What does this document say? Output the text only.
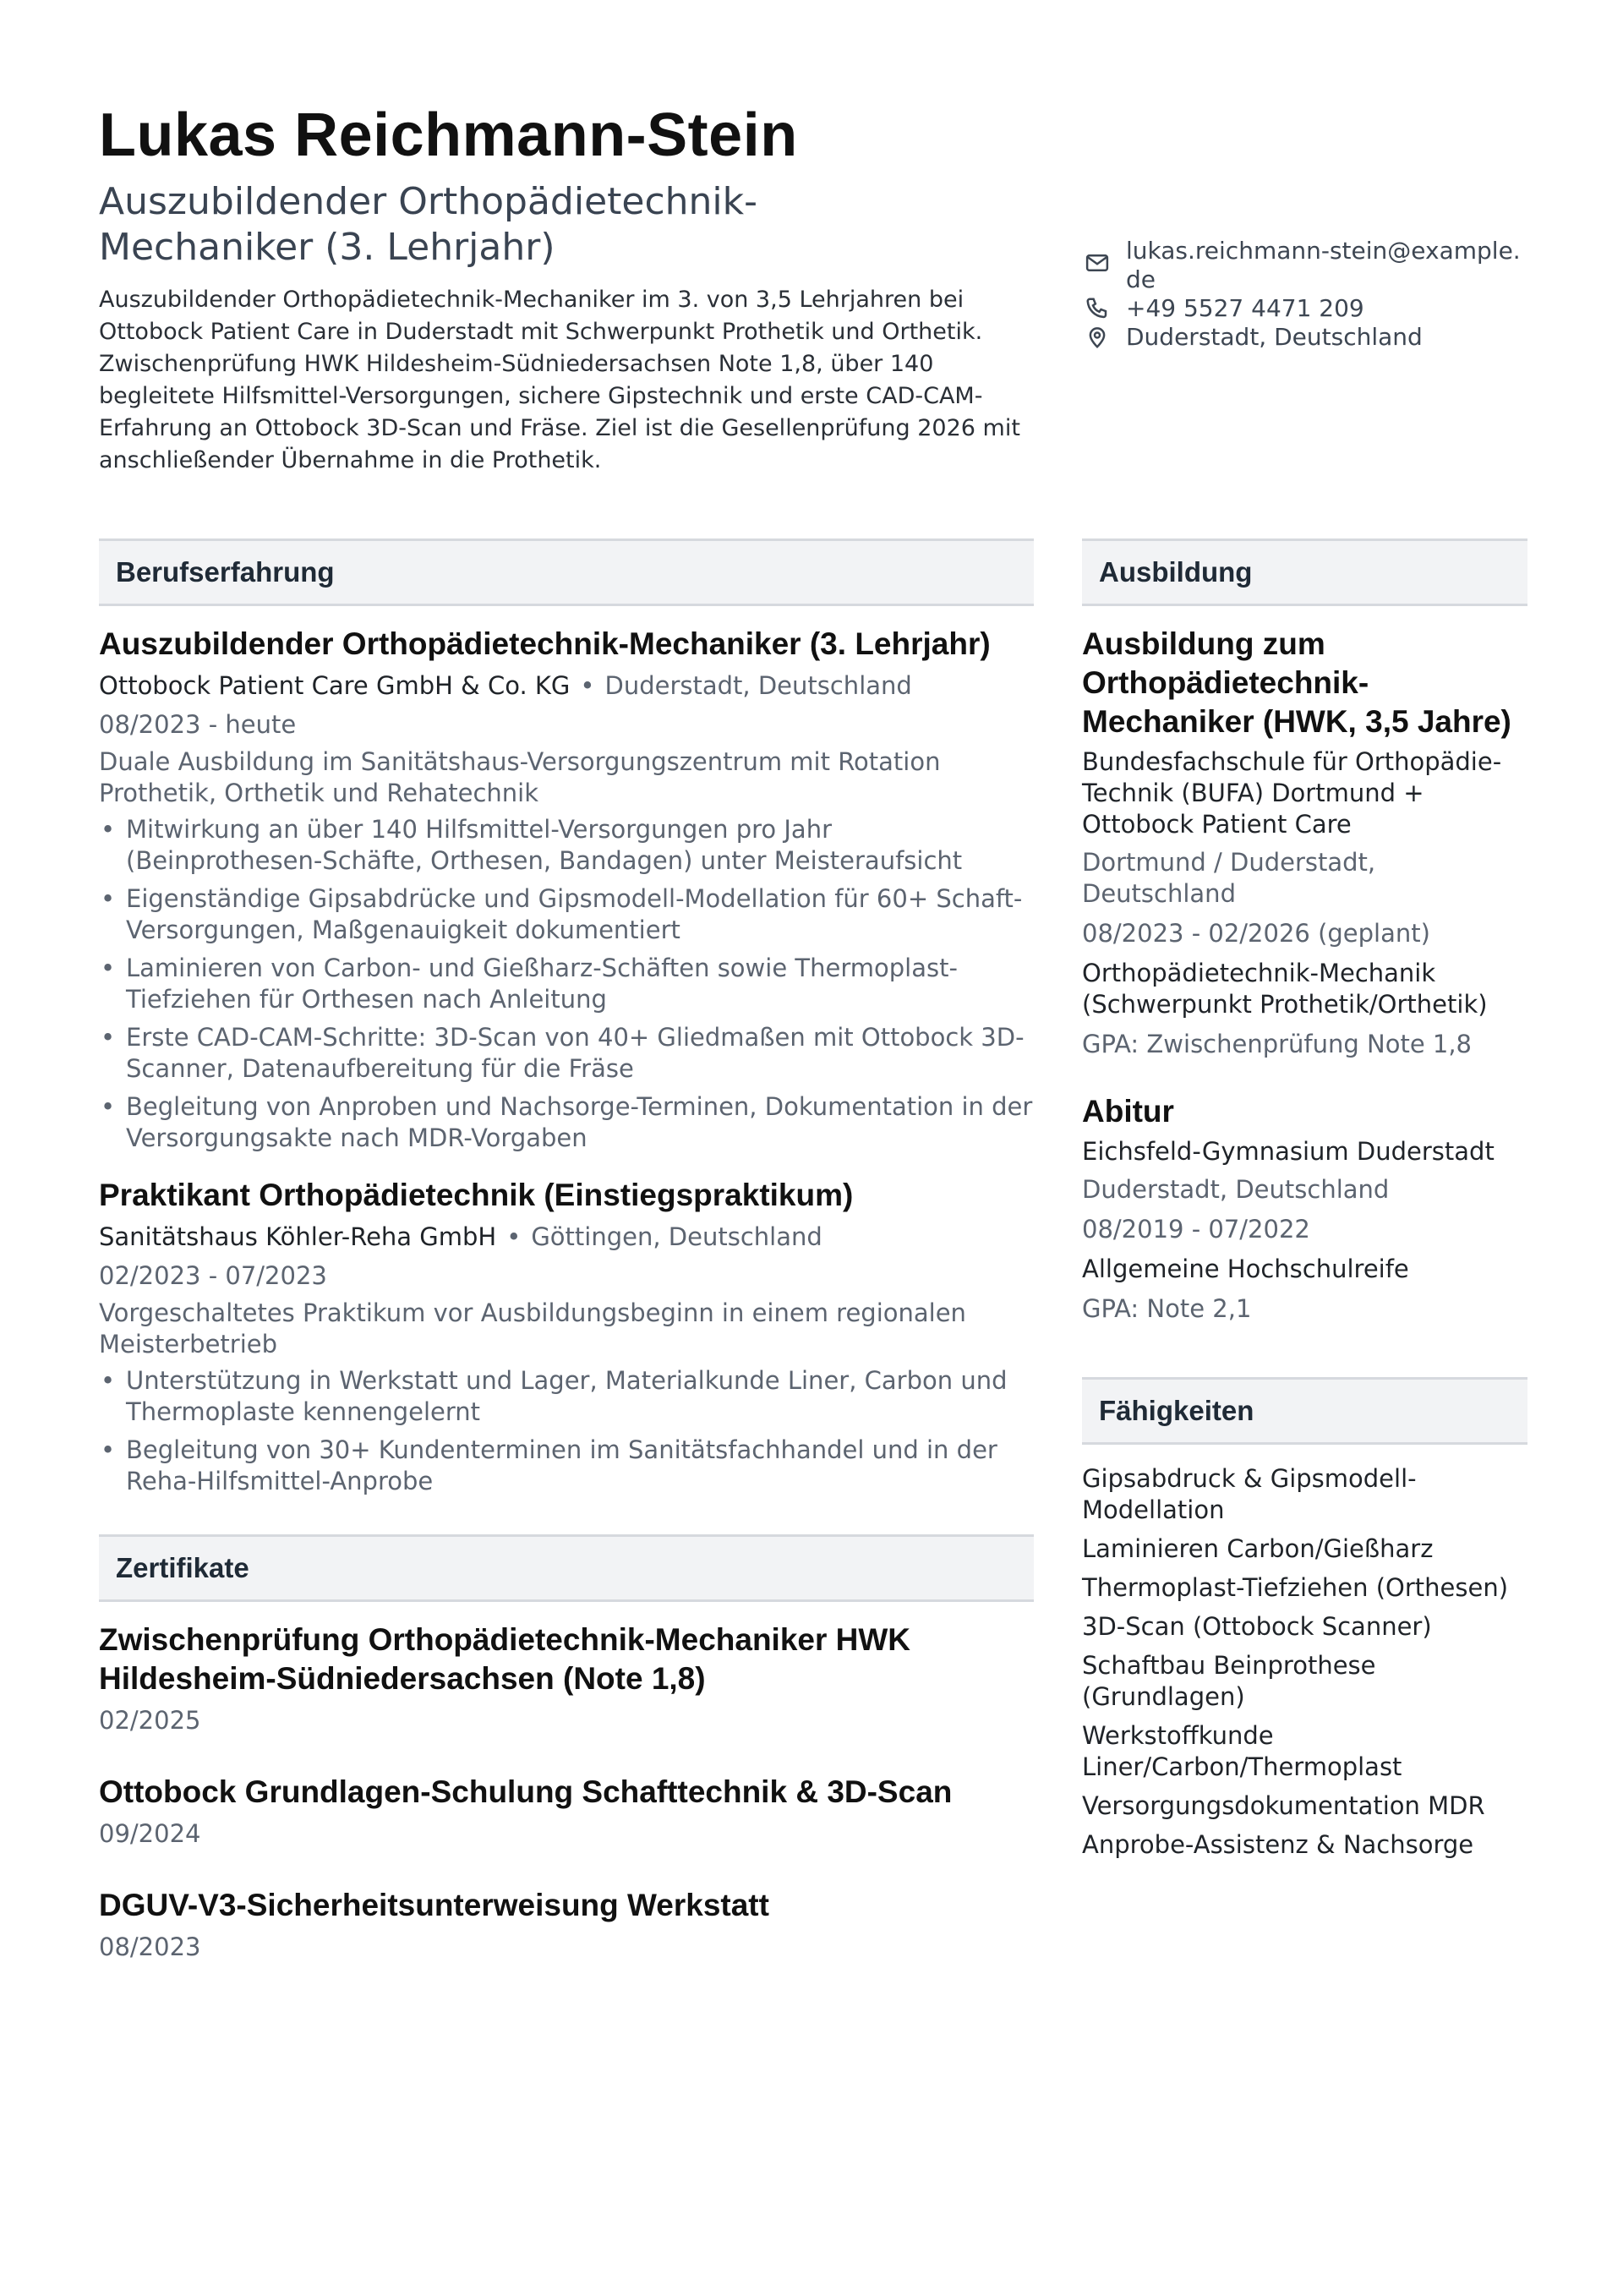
Lukas Reichmann-Stein
Auszubildender Orthopädietechnik-Mechaniker (3. Lehrjahr)

Auszubildender Orthopädietechnik-Mechaniker im 3. von 3,5 Lehrjahren bei Ottobock Patient Care in Duderstadt mit Schwerpunkt Prothetik und Orthetik. Zwischenprüfung HWK Hildesheim-Südniedersachsen Note 1,8, über 140 begleitete Hilfsmittel-Versorgungen, sichere Gipstechnik und erste CAD-CAM-Erfahrung an Ottobock 3D-Scan und Fräse. Ziel ist die Gesellenprüfung 2026 mit anschließender Übernahme in die Prothetik.

lukas.reichmann-stein@example.de
+49 5527 4471 209
Duderstadt, Deutschland
Berufserfahrung
Auszubildender Orthopädietechnik-Mechaniker (3. Lehrjahr)
Ottobock Patient Care GmbH & Co. KG • Duderstadt, Deutschland
08/2023 - heute
Duale Ausbildung im Sanitätshaus-Versorgungszentrum mit Rotation Prothetik, Orthetik und Rehatechnik
• Mitwirkung an über 140 Hilfsmittel-Versorgungen pro Jahr (Beinprothesen-Schäfte, Orthesen, Bandagen) unter Meisteraufsicht
• Eigenständige Gipsabdrücke und Gipsmodell-Modellation für 60+ Schaft-Versorgungen, Maßgenauigkeit dokumentiert
• Laminieren von Carbon- und Gießharz-Schäften sowie Thermoplast-Tiefziehen für Orthesen nach Anleitung
• Erste CAD-CAM-Schritte: 3D-Scan von 40+ Gliedmaßen mit Ottobock 3D-Scanner, Datenaufbereitung für die Fräse
• Begleitung von Anproben und Nachsorge-Terminen, Dokumentation in der Versorgungsakte nach MDR-Vorgaben
Praktikant Orthopädietechnik (Einstiegspraktikum)
Sanitätshaus Köhler-Reha GmbH • Göttingen, Deutschland
02/2023 - 07/2023
Vorgeschaltetes Praktikum vor Ausbildungsbeginn in einem regionalen Meisterbetrieb
• Unterstützung in Werkstatt und Lager, Materialkunde Liner, Carbon und Thermoplaste kennengelernt
• Begleitung von 30+ Kundenterminen im Sanitätsfachhandel und in der Reha-Hilfsmittel-Anprobe
Zertifikate
Zwischenprüfung Orthopädietechnik-Mechaniker HWK Hildesheim-Südniedersachsen (Note 1,8)
02/2025
Ottobock Grundlagen-Schulung Schafttechnik & 3D-Scan
09/2024
DGUV-V3-Sicherheitsunterweisung Werkstatt
08/2023
Ausbildung
Ausbildung zum Orthopädietechnik-Mechaniker (HWK, 3,5 Jahre)
Bundesfachschule für Orthopädie-Technik (BUFA) Dortmund + Ottobock Patient Care
Dortmund / Duderstadt, Deutschland
08/2023 - 02/2026 (geplant)
Orthopädietechnik-Mechanik (Schwerpunkt Prothetik/Orthetik)
GPA: Zwischenprüfung Note 1,8
Abitur
Eichsfeld-Gymnasium Duderstadt
Duderstadt, Deutschland
08/2019 - 07/2022
Allgemeine Hochschulreife
GPA: Note 2,1
Fähigkeiten
Gipsabdruck & Gipsmodell-Modellation
Laminieren Carbon/Gießharz
Thermoplast-Tiefziehen (Orthesen)
3D-Scan (Ottobock Scanner)
Schaftbau Beinprothese (Grundlagen)
Werkstoffkunde Liner/Carbon/Thermoplast
Versorgungsdokumentation MDR
Anprobe-Assistenz & Nachsorge
